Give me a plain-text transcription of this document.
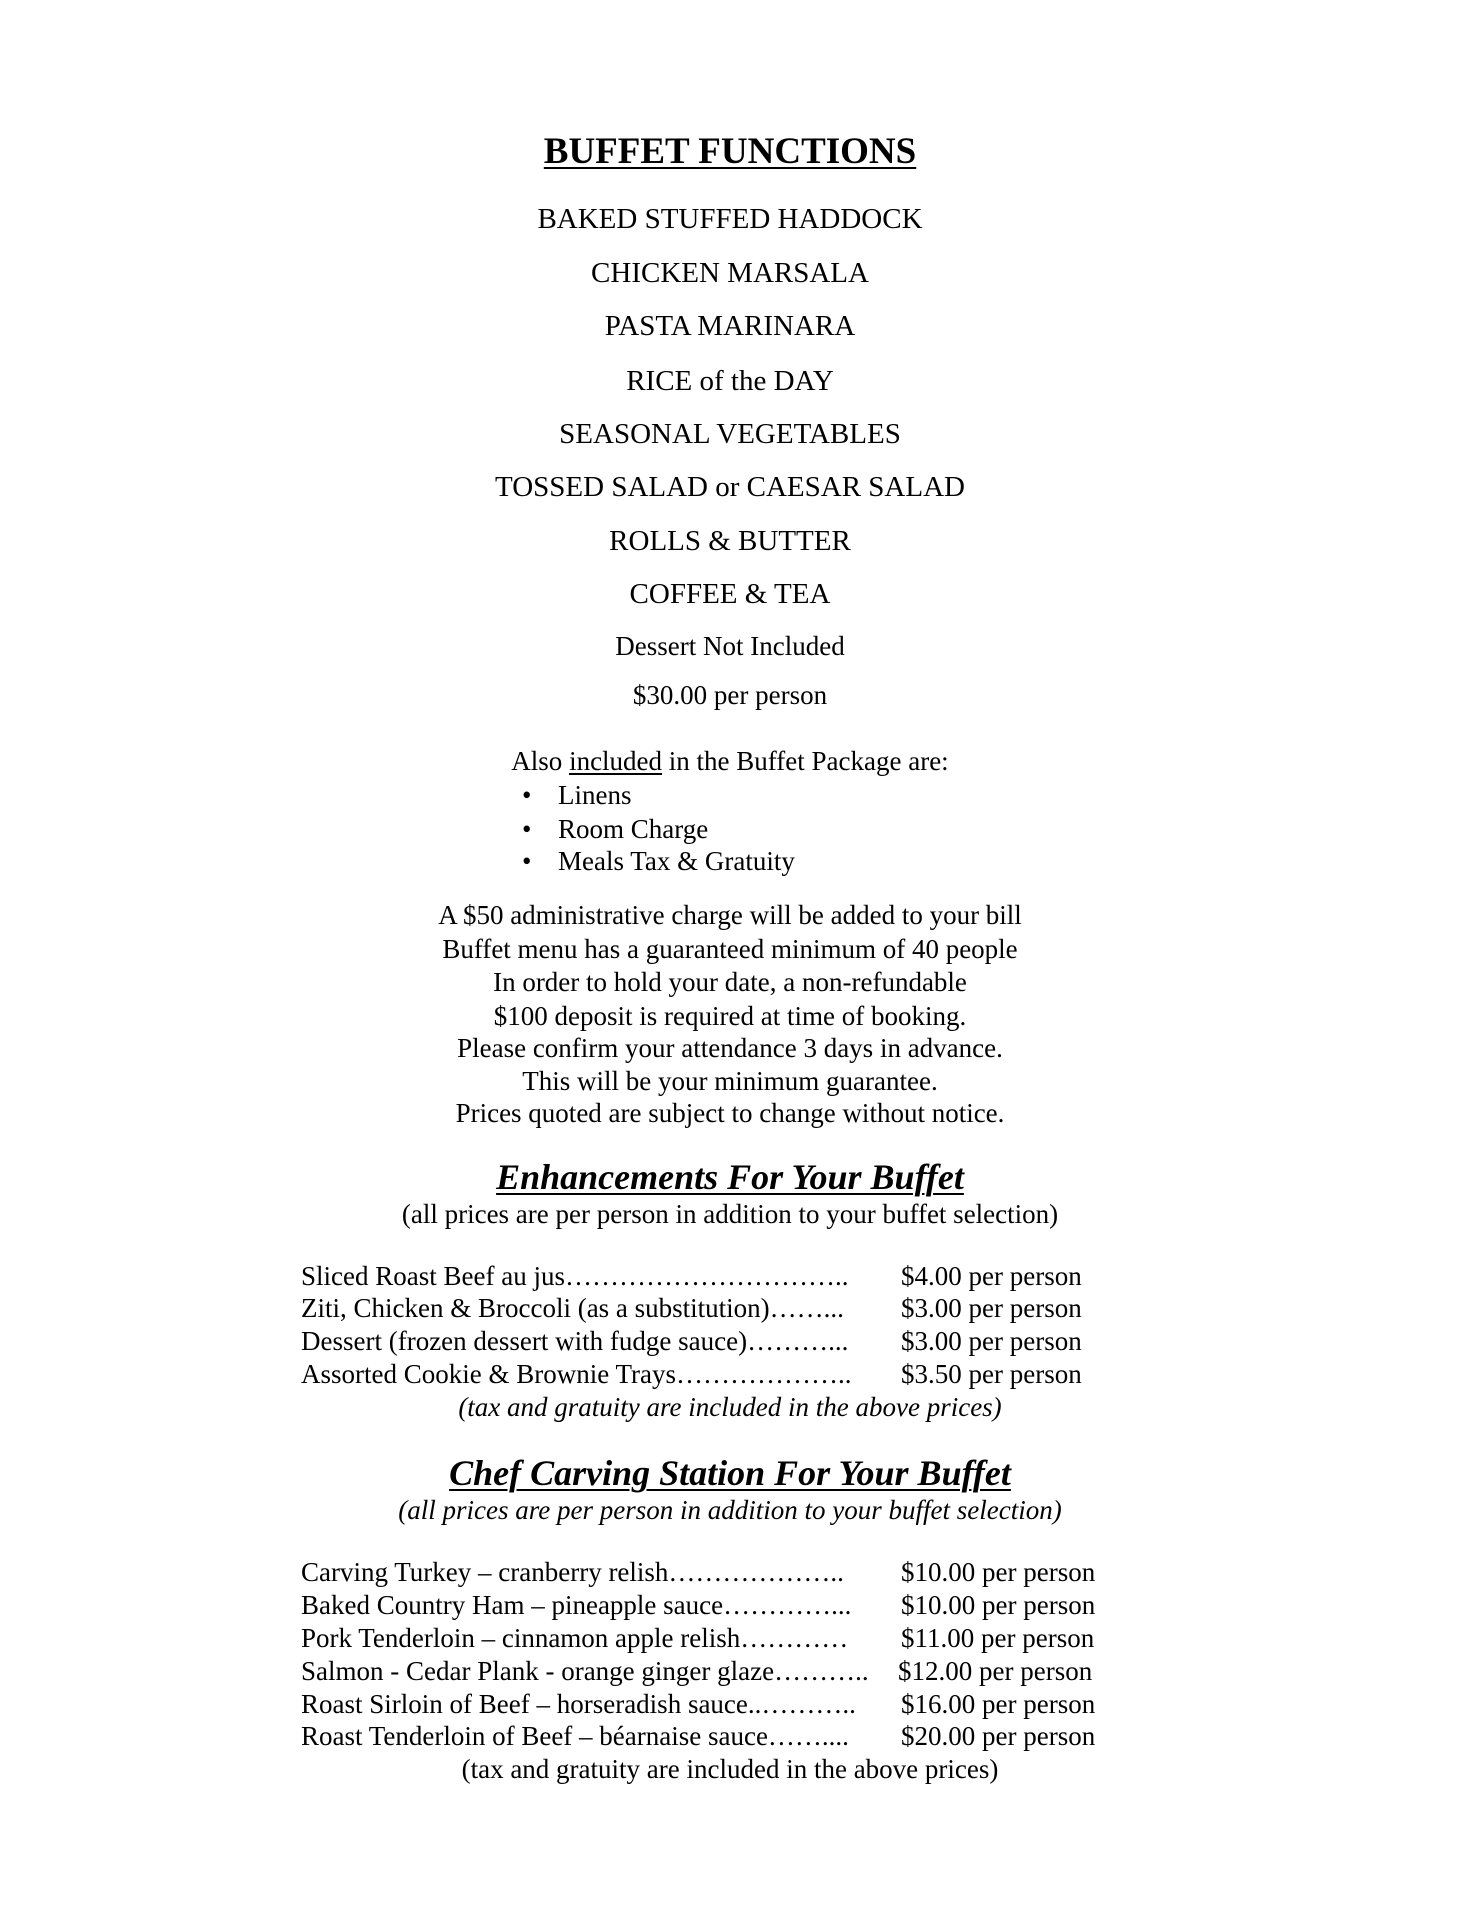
BUFFET FUNCTIONS
BAKED STUFFED HADDOCK
CHICKEN MARSALA
PASTA MARINARA
RICE of the DAY
SEASONAL VEGETABLES
TOSSED SALAD or CAESAR SALAD
ROLLS & BUTTER
COFFEE & TEA
Dessert Not Included
$30.00 per person
Also included in the Buffet Package are:
• Linens
• Room Charge
• Meals Tax & Gratuity
A $50 administrative charge will be added to your bill
Buffet menu has a guaranteed minimum of 40 people
In order to hold your date, a non-refundable
$100 deposit is required at time of booking.
Please confirm your attendance 3 days in advance.
This will be your minimum guarantee.
Prices quoted are subject to change without notice.
Enhancements For Your Buffet
(all prices are per person in addition to your buffet selection)
Sliced Roast Beef au jus………………………….. $4.00 per person
Ziti, Chicken & Broccoli (as a substitution)……... $3.00 per person
Dessert (frozen dessert with fudge sauce)………... $3.00 per person
Assorted Cookie & Brownie Trays……………….. $3.50 per person
(tax and gratuity are included in the above prices)
Chef Carving Station For Your Buffet
(all prices are per person in addition to your buffet selection)
Carving Turkey – cranberry relish……………….. $10.00 per person
Baked Country Ham – pineapple sauce…………... $10.00 per person
Pork Tenderloin – cinnamon apple relish………… $11.00 per person
Salmon - Cedar Plank - orange ginger glaze……….. $12.00 per person
Roast Sirloin of Beef – horseradish sauce..……….. $16.00 per person
Roast Tenderloin of Beef – béarnaise sauce…….... $20.00 per person
(tax and gratuity are included in the above prices)
